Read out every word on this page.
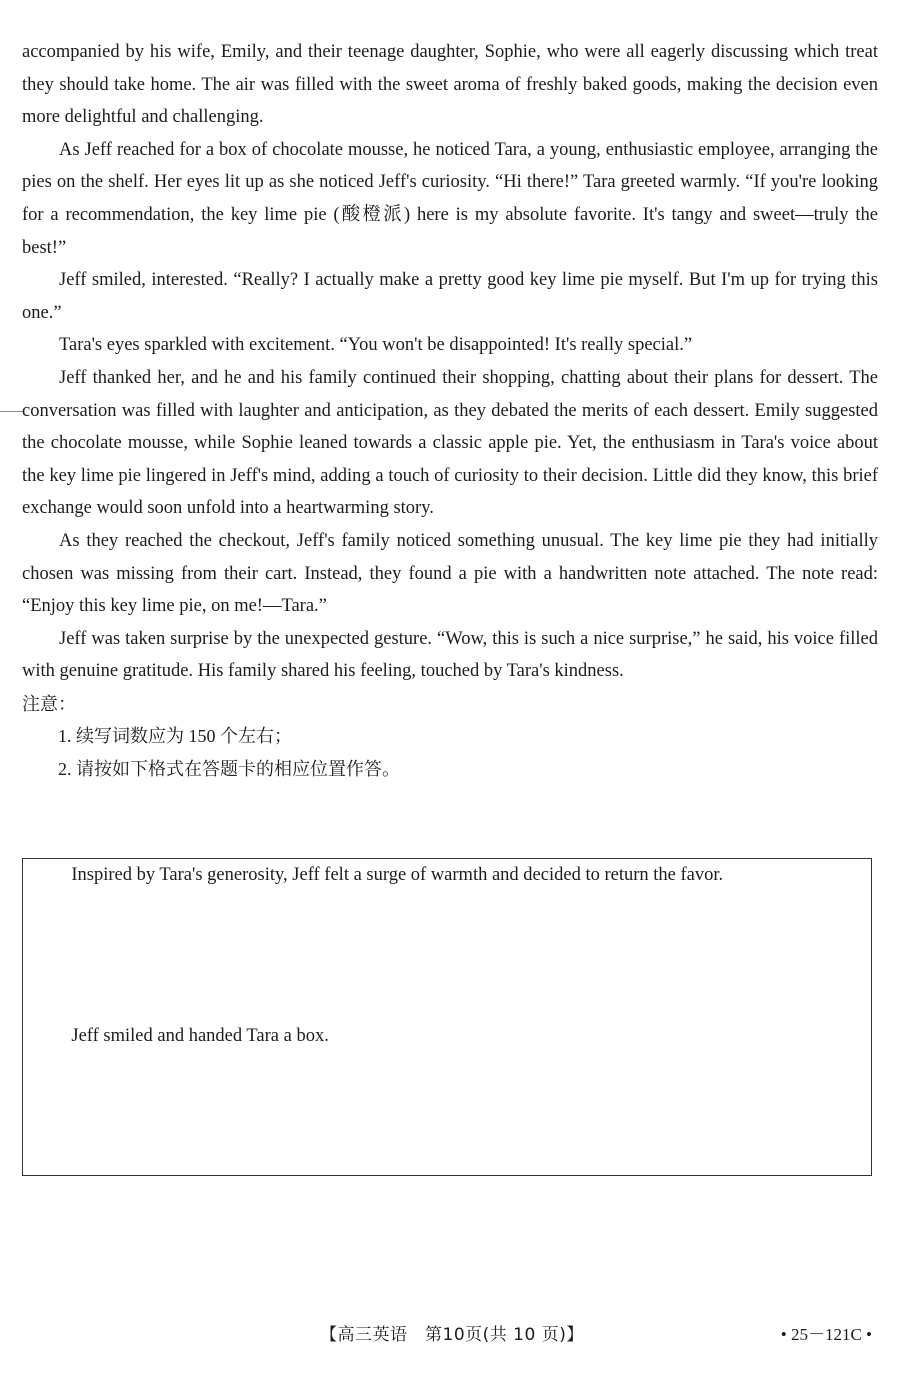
accompanied by his wife, Emily, and their teenage daughter, Sophie, who were all eagerly discussing which treat they should take home. The air was filled with the sweet aroma of freshly baked goods, making the decision even more delightful and challenging.

As Jeff reached for a box of chocolate mousse, he noticed Tara, a young, enthusiastic employee, arranging the pies on the shelf. Her eyes lit up as she noticed Jeff's curiosity. “Hi there!” Tara greeted warmly. “If you're looking for a recommendation, the key lime pie (酸橙派) here is my absolute favorite. It's tangy and sweet—truly the best!”

Jeff smiled, interested. “Really? I actually make a pretty good key lime pie myself. But I'm up for trying this one.”

Tara's eyes sparkled with excitement. “You won't be disappointed! It's really special.”

Jeff thanked her, and he and his family continued their shopping, chatting about their plans for dessert. The conversation was filled with laughter and anticipation, as they debated the merits of each dessert. Emily suggested the chocolate mousse, while Sophie leaned towards a classic apple pie. Yet, the enthusiasm in Tara's voice about the key lime pie lingered in Jeff's mind, adding a touch of curiosity to their decision. Little did they know, this brief exchange would soon unfold into a heartwarming story.

As they reached the checkout, Jeff's family noticed something unusual. The key lime pie they had initially chosen was missing from their cart. Instead, they found a pie with a handwritten note attached. The note read: “Enjoy this key lime pie, on me!—Tara.”

Jeff was taken surprise by the unexpected gesture. “Wow, this is such a nice surprise,” he said, his voice filled with genuine gratitude. His family shared his feeling, touched by Tara's kindness.

注意：

1. 续写词数应为 150 个左右；

2. 请按如下格式在答题卡的相应位置作答。

Inspired by Tara's generosity, Jeff felt a surge of warmth and decided to return the favor.

Jeff smiled and handed Tara a box.

【高三英语　第10页(共 10 页)】	• 25－121C •
